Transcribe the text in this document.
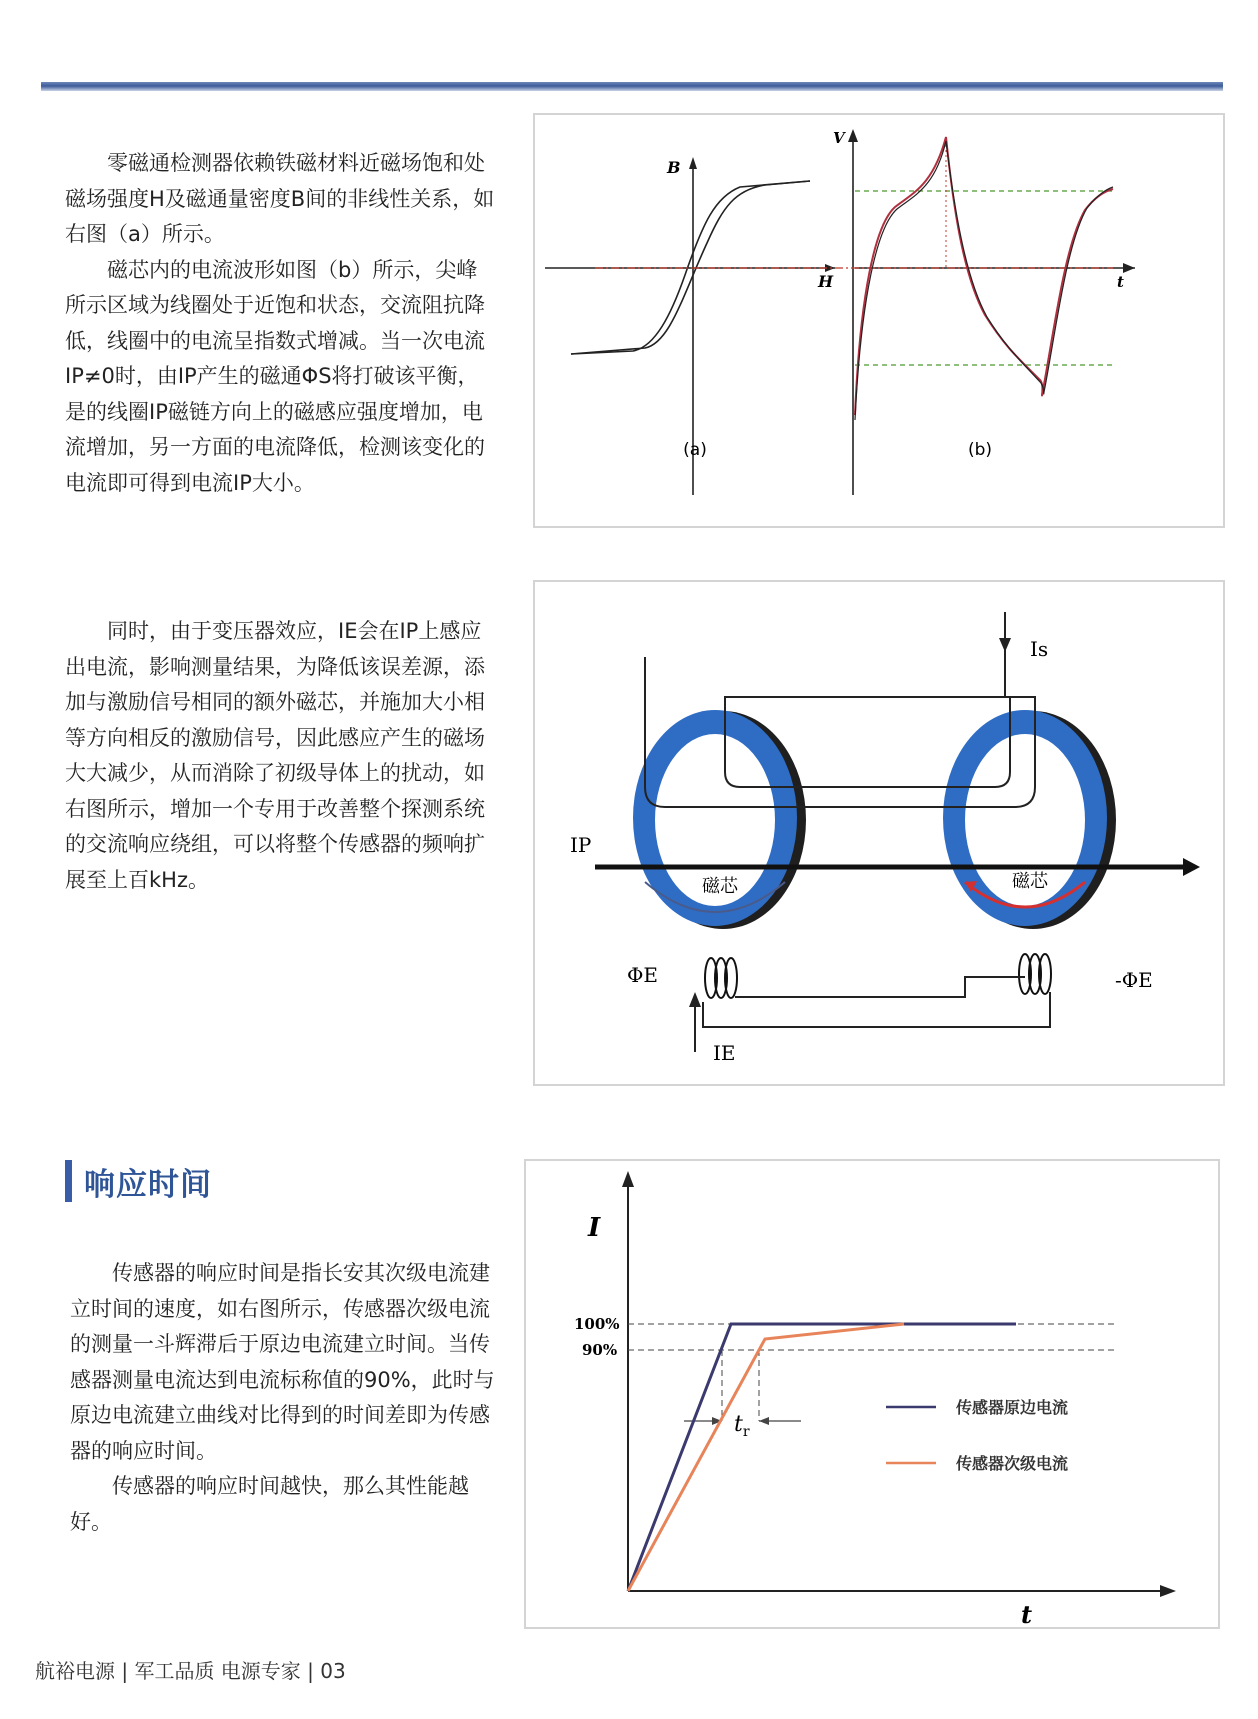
零磁通检测器依赖铁磁材料近磁场饱和处磁场强度H及磁通量密度B间的非线性关系，如右图（a）所示。

磁芯内的电流波形如图（b）所示，尖峰所示区域为线圈处于近饱和状态，交流阻抗降低，线圈中的电流呈指数式增减。当一次电流IP≠0时，由IP产生的磁通ΦS将打破该平衡，是的线圈IP磁链方向上的磁感应强度增加，电流增加，另一方面的电流降低，检测该变化的电流即可得到电流IP大小。

B
H
(a)
V
t
(b)

同时，由于变压器效应，IE会在IP上感应出电流，影响测量结果，为降低该误差源，添加与激励信号相同的额外磁芯，并施加大小相等方向相反的激励信号，因此感应产生的磁场大大减少，从而消除了初级导体上的扰动，如右图所示，增加一个专用于改善整个探测系统的交流响应绕组，可以将整个传感器的频响扩展至上百kHz。

Is
IP
磁芯	磁芯
ΦE	-ΦE
IE
响应时间

传感器的响应时间是指长安其次级电流建立时间的速度，如右图所示，传感器次级电流的测量一斗辉滞后于原边电流建立时间。当传感器测量电流达到电流标称值的90%，此时与原边电流建立曲线对比得到的时间差即为传感器的响应时间。

传感器的响应时间越快，那么其性能越好。

I
t
100%
90%
$t_r$
传感器原边电流
传感器次级电流
航裕电源 | 军工品质 电源专家 | 03
